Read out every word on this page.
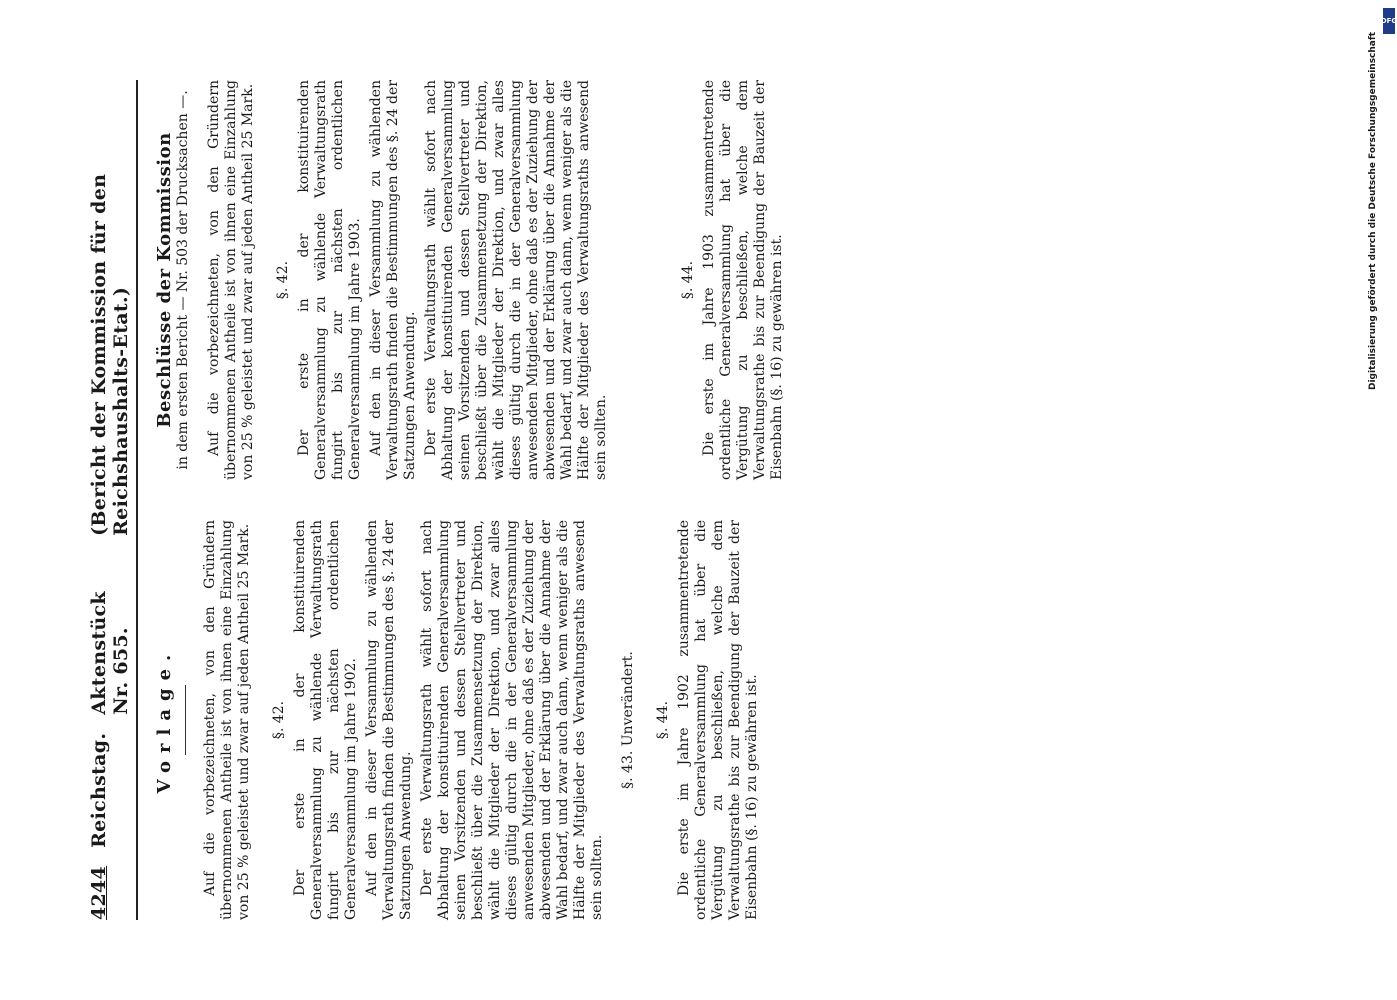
4244
Reichstag.
Aktenstück Nr. 655.
(Bericht der Kommission für den Reichshaushalts-Etat.)
Vorlage. Auf die vorbezeichneten, von den Gründern übernommenen Antheile ist von ihnen eine Einzahlung von 25 % geleistet und zwar auf jeden Antheil 25 Mark. §. 42. Der erste in der konstituirenden Generalversammlung zu wählende Verwaltungsrath fungirt bis zur nächsten ordentlichen Generalversammlung im Jahre 1902. Auf den in dieser Versammlung zu wählenden Verwaltungsrath finden die Bestimmungen des §. 24 der Satzungen Anwendung. Der erste Verwaltungsrath wählt sofort nach Abhaltung der konstituirenden Generalversammlung seinen Vorsitzenden und dessen Stellvertreter und beschließt über die Zusammensetzung der Direktion, wählt die Mitglieder der Direktion, und zwar alles dieses gültig durch die in der Generalversammlung anwesenden Mitglieder, ohne daß es der Zuziehung der abwesenden und der Erklärung über die Annahme der Wahl bedarf, und zwar auch dann, wenn weniger als die Hälfte der Mitglieder des Verwaltungsraths anwesend sein sollten.

§. 43. Unverändert. §. 44. Die erste im Jahre 1902 zusammentretende ordentliche Generalversammlung hat über die Vergütung zu beschließen, welche dem Verwaltungsrathe bis zur Beendigung der Bauzeit der Eisenbahn (§. 16) zu gewähren ist.

Beschlüsse der Kommission in dem ersten Bericht — Nr. 503 der Drucksachen —. Auf die vorbezeichneten, von den Gründern übernommenen Antheile ist von ihnen eine Einzahlung von 25 % geleistet und zwar auf jeden Antheil 25 Mark. §. 42. Der erste in der konstituirenden Generalversammlung zu wählende Verwaltungsrath fungirt bis zur nächsten ordentlichen Generalversammlung im Jahre 1903. Auf den in dieser Versammlung zu wählenden Verwaltungsrath finden die Bestimmungen des §. 24 der Satzungen Anwendung. Der erste Verwaltungsrath wählt sofort nach Abhaltung der konstituirenden Generalversammlung seinen Vorsitzenden und dessen Stellvertreter und beschließt über die Zusammensetzung der Direktion, wählt die Mitglieder der Direktion, und zwar alles dieses gültig durch die in der Generalversammlung anwesenden Mitglieder, ohne daß es der Zuziehung der abwesenden und der Erklärung über die Annahme der Wahl bedarf, und zwar auch dann, wenn weniger als die Hälfte der Mitglieder des Verwaltungsraths anwesend sein sollten.

§. 44. Die erste im Jahre 1903 zusammentretende ordentliche Generalversammlung hat über die Vergütung zu beschließen, welche dem Verwaltungsrathe bis zur Beendigung der Bauzeit der Eisenbahn (§. 16) zu gewähren ist.	Digitalisierung gefördert durch die Deutsche Forschungsgemeinschaft
DFG
